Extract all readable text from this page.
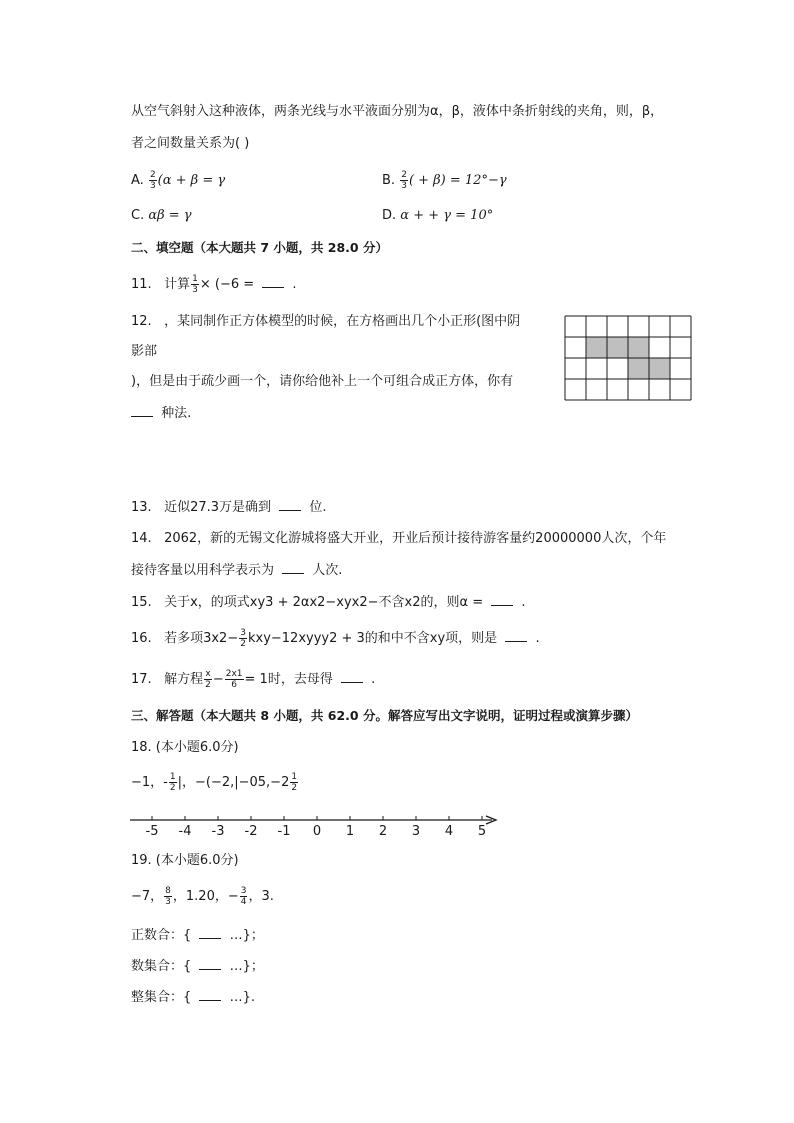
从空气斜射入这种液体，两条光线与水平液面分别为α，β，液体中条折射线的夹角，则，β，
者之间数量关系为( )
A. $\frac{2}{3} (\alpha + \beta = \gamma$	B. $\frac{2}{3}$ ( + β) = 12°−γ
C. αβ = γ	D. α + + γ = 10°
二、填空题（本大题共 7 小题，共 28.0 分）
11. 计算 $\frac{1}{3} \times (-6$ =	.
12. ，某同制作正方体模型的时候，在方格画出几个小正形(图中阴
影部
)，但是由于疏少画一个，请你给他补上一个可组合成正方体，你有
种法.
13. 近似27.3万是确到	位.
14. 2062，新的无锡文化游城将盛大开业，开业后预计接待游客量约20000000人次，个年
接待客量以用科学表示为	人次.
15. 关于x，的项式xy3 + 2αx2−xyx2−不含x2的，则α =	.
16. 若多项$3x2- \frac{3}{2}$ kxy−12xyyy2 + 3的和中不含xy项，则是	.
17. 解方程 $\frac{x}{2} - \frac{2x1}{6} = 1$时，去母得	.
三、解答题（本大题共 8 小题，共 62.0 分。解答应写出文字说明，证明过程或演算步骤）
18. (本小题6.0分)
−1，- $\frac{1}{2}$ |，$-(-2,|-05,-2 \frac{1}{2}$
-5 -4 -3 -2 -1 0 1 2 3 4 5
19. (本小题6.0分)
−7， $\frac{8}{3}$ ，1.20，− $\frac{3}{4}$ ，3.
正数合：{	…}；
数集合：{	…}；
整集合：{	…}.
